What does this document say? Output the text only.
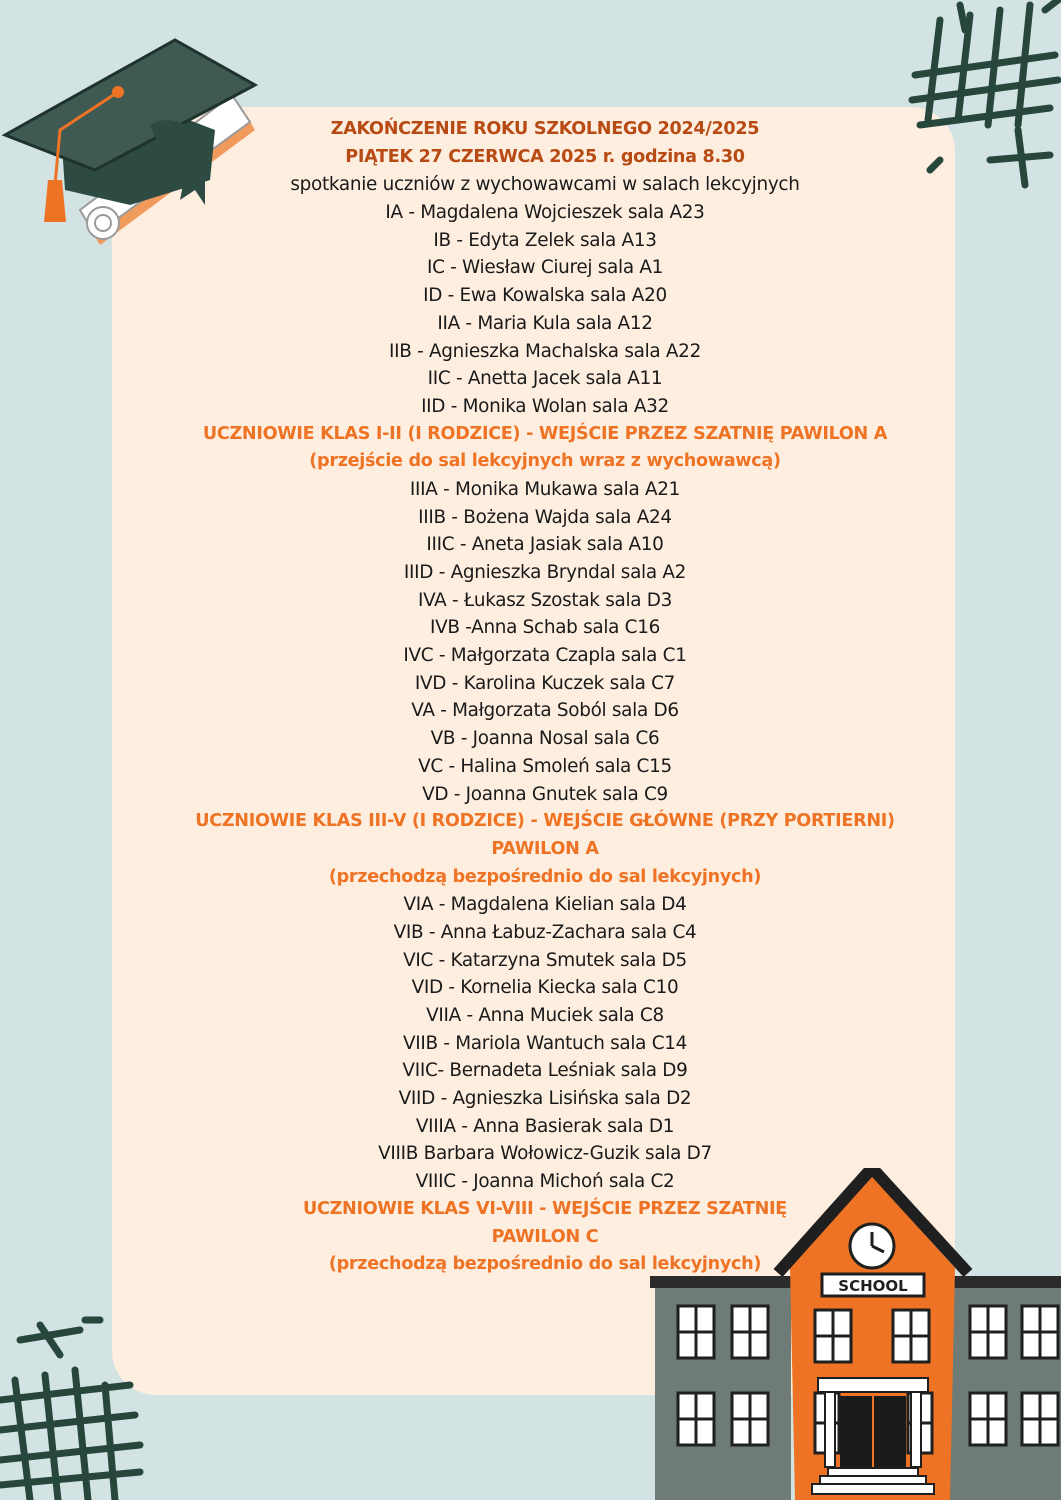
SCHOOL
ZAKOŃCZENIE ROKU SZKOLNEGO 2024/2025
PIĄTEK 27 CZERWCA 2025 r. godzina 8.30
spotkanie uczniów z wychowawcami w salach lekcyjnych
IA - Magdalena Wojcieszek sala A23
IB - Edyta Zelek sala A13
IC - Wiesław Ciurej sala A1
ID - Ewa Kowalska sala A20
IIA - Maria Kula sala A12
IIB - Agnieszka Machalska sala A22
IIC - Anetta Jacek sala A11
IID - Monika Wolan sala A32
UCZNIOWIE KLAS I-II (I RODZICE) - WEJŚCIE PRZEZ SZATNIĘ PAWILON A
(przejście do sal lekcyjnych wraz z wychowawcą)
IIIA - Monika Mukawa sala A21
IIIB - Bożena Wajda sala A24
IIIC - Aneta Jasiak sala A10
IIID - Agnieszka Bryndal sala A2
IVA - Łukasz Szostak sala D3
IVB -Anna Schab sala C16
IVC - Małgorzata Czapla sala C1
IVD - Karolina Kuczek sala C7
VA - Małgorzata Soból sala D6
VB - Joanna Nosal sala C6
VC - Halina Smoleń sala C15
VD - Joanna Gnutek sala C9
UCZNIOWIE KLAS III-V (I RODZICE) - WEJŚCIE GŁÓWNE (PRZY PORTIERNI)
PAWILON A
(przechodzą bezpośrednio do sal lekcyjnych)
VIA - Magdalena Kielian sala D4
VIB - Anna Łabuz-Zachara sala C4
VIC - Katarzyna Smutek sala D5
VID - Kornelia Kiecka sala C10
VIIA - Anna Muciek sala C8
VIIB - Mariola Wantuch sala C14
VIIC- Bernadeta Leśniak sala D9
VIID - Agnieszka Lisińska sala D2
VIIIA - Anna Basierak sala D1
VIIIB Barbara Wołowicz-Guzik sala D7
VIIIC - Joanna Michoń sala C2
UCZNIOWIE KLAS VI-VIII - WEJŚCIE PRZEZ SZATNIĘ
PAWILON C
(przechodzą bezpośrednio do sal lekcyjnych)
